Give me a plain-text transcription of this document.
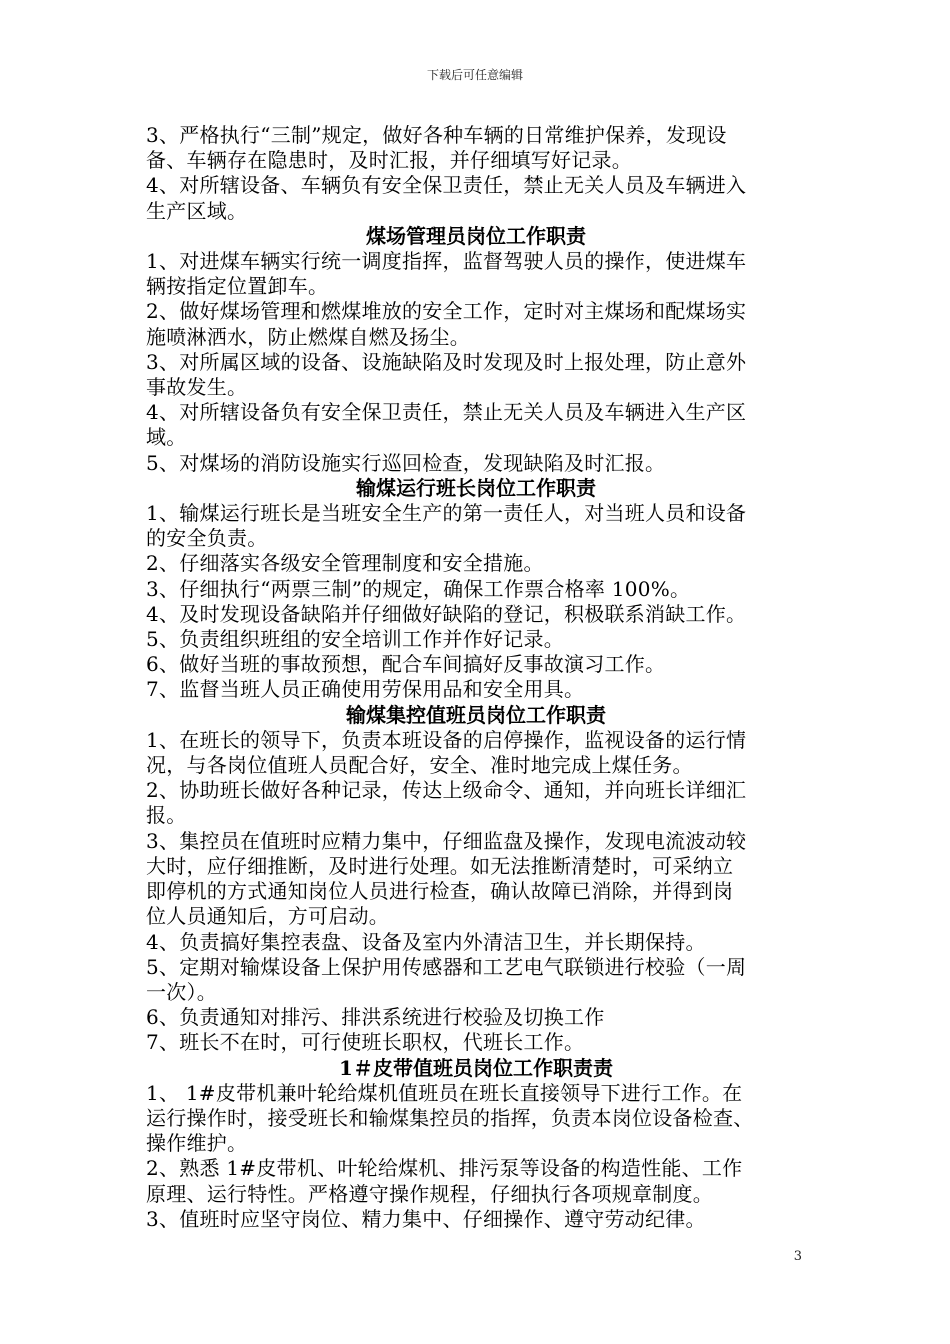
下载后可任意编辑
3、严格执行“三制”规定，做好各种车辆的日常维护保养，发现设
备、车辆存在隐患时，及时汇报，并仔细填写好记录。
4、对所辖设备、车辆负有安全保卫责任，禁止无关人员及车辆进入
生产区域。
煤场管理员岗位工作职责
1、对进煤车辆实行统一调度指挥，监督驾驶人员的操作，使进煤车
辆按指定位置卸车。
2、做好煤场管理和燃煤堆放的安全工作，定时对主煤场和配煤场实
施喷淋洒水，防止燃煤自燃及扬尘。
3、对所属区域的设备、设施缺陷及时发现及时上报处理，防止意外
事故发生。
4、对所辖设备负有安全保卫责任，禁止无关人员及车辆进入生产区
域。
5、对煤场的消防设施实行巡回检查，发现缺陷及时汇报。
输煤运行班长岗位工作职责
1、输煤运行班长是当班安全生产的第一责任人，对当班人员和设备
的安全负责。
2、仔细落实各级安全管理制度和安全措施。
3、仔细执行“两票三制”的规定，确保工作票合格率 100%。
4、及时发现设备缺陷并仔细做好缺陷的登记，积极联系消缺工作。
5、负责组织班组的安全培训工作并作好记录。
6、做好当班的事故预想，配合车间搞好反事故演习工作。
7、监督当班人员正确使用劳保用品和安全用具。
输煤集控值班员岗位工作职责
1、在班长的领导下，负责本班设备的启停操作，监视设备的运行情
况，与各岗位值班人员配合好，安全、准时地完成上煤任务。
2、协助班长做好各种记录，传达上级命令、通知，并向班长详细汇
报。
3、集控员在值班时应精力集中，仔细监盘及操作，发现电流波动较
大时，应仔细推断，及时进行处理。如无法推断清楚时，可采纳立
即停机的方式通知岗位人员进行检查，确认故障已消除，并得到岗
位人员通知后，方可启动。
4、负责搞好集控表盘、设备及室内外清洁卫生，并长期保持。
5、定期对输煤设备上保护用传感器和工艺电气联锁进行校验（一周
一次）。
6、负责通知对排污、排洪系统进行校验及切换工作
7、班长不在时，可行使班长职权，代班长工作。
1＃皮带值班员岗位工作职责责
1、 1#皮带机兼叶轮给煤机值班员在班长直接领导下进行工作。在
运行操作时，接受班长和输煤集控员的指挥，负责本岗位设备检查、
操作维护。
2、熟悉 1#皮带机、叶轮给煤机、排污泵等设备的构造性能、工作
原理、运行特性。严格遵守操作规程，仔细执行各项规章制度。
3、值班时应坚守岗位、精力集中、仔细操作、遵守劳动纪律。
3
